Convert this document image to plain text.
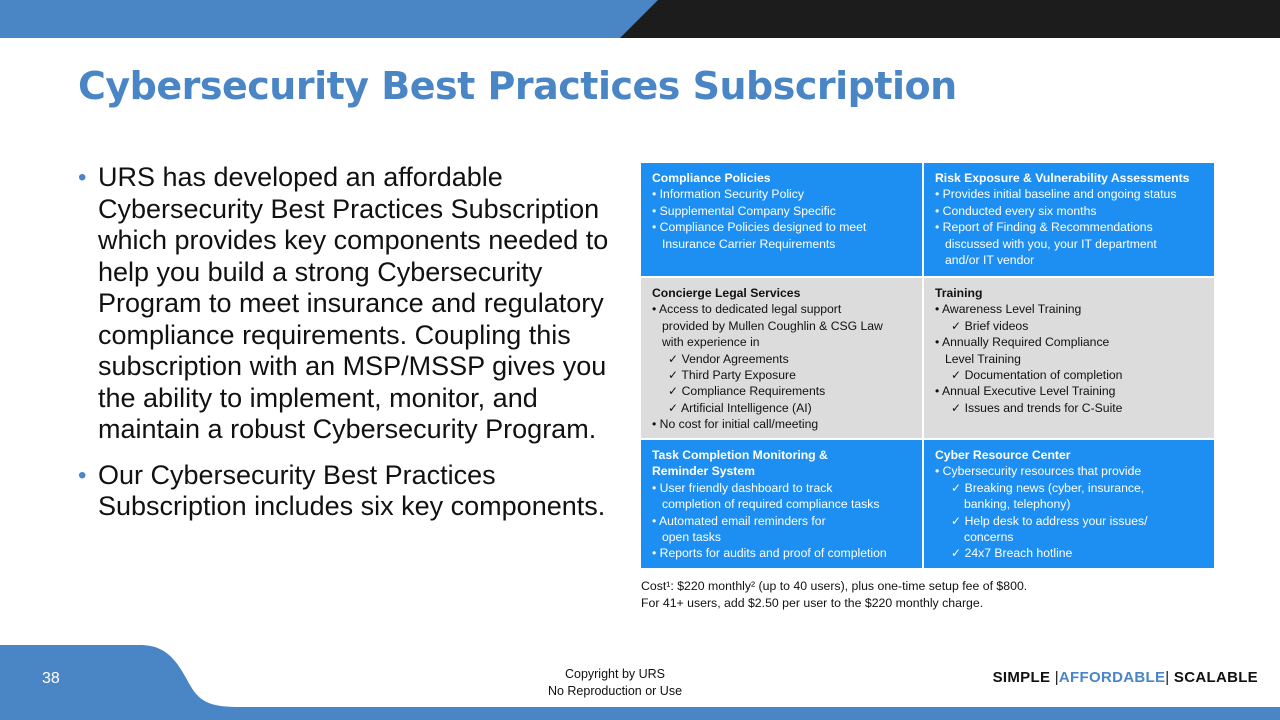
Cybersecurity Best Practices Subscription
• URS has developed an affordable Cybersecurity Best Practices Subscription which provides key components needed to help you build a strong Cybersecurity Program to meet insurance and regulatory compliance requirements. Coupling this subscription with an MSP/MSSP gives you the ability to implement, monitor, and maintain a robust Cybersecurity Program.
• Our Cybersecurity Best Practices Subscription includes six key components.
Compliance Policies
• Information Security Policy
• Supplemental Company Specific
• Compliance Policies designed to meet
Insurance Carrier Requirements
Risk Exposure & Vulnerability Assessments
• Provides initial baseline and ongoing status
• Conducted every six months
• Report of Finding & Recommendations
discussed with you, your IT department
and/or IT vendor
Concierge Legal Services
• Access to dedicated legal support
provided by Mullen Coughlin & CSG Law
with experience in
✓ Vendor Agreements
✓ Third Party Exposure
✓ Compliance Requirements
✓ Artificial Intelligence (AI)
• No cost for initial call/meeting
Training
• Awareness Level Training
✓ Brief videos
• Annually Required Compliance
Level Training
✓ Documentation of completion
• Annual Executive Level Training
✓ Issues and trends for C-Suite
Task Completion Monitoring &
Reminder System
• User friendly dashboard to track
completion of required compliance tasks
• Automated email reminders for
open tasks
• Reports for audits and proof of completion
Cyber Resource Center
• Cybersecurity resources that provide
✓ Breaking news (cyber, insurance,
banking, telephony)
✓ Help desk to address your issues/
concerns
✓ 24x7 Breach hotline
Cost¹: $220 monthly² (up to 40 users), plus one-time setup fee of $800.
For 41+ users, add $2.50 per user to the $220 monthly charge.
38	Copyright by URS
No Reproduction or Use
SIMPLE |AFFORDABLE| SCALABLE
